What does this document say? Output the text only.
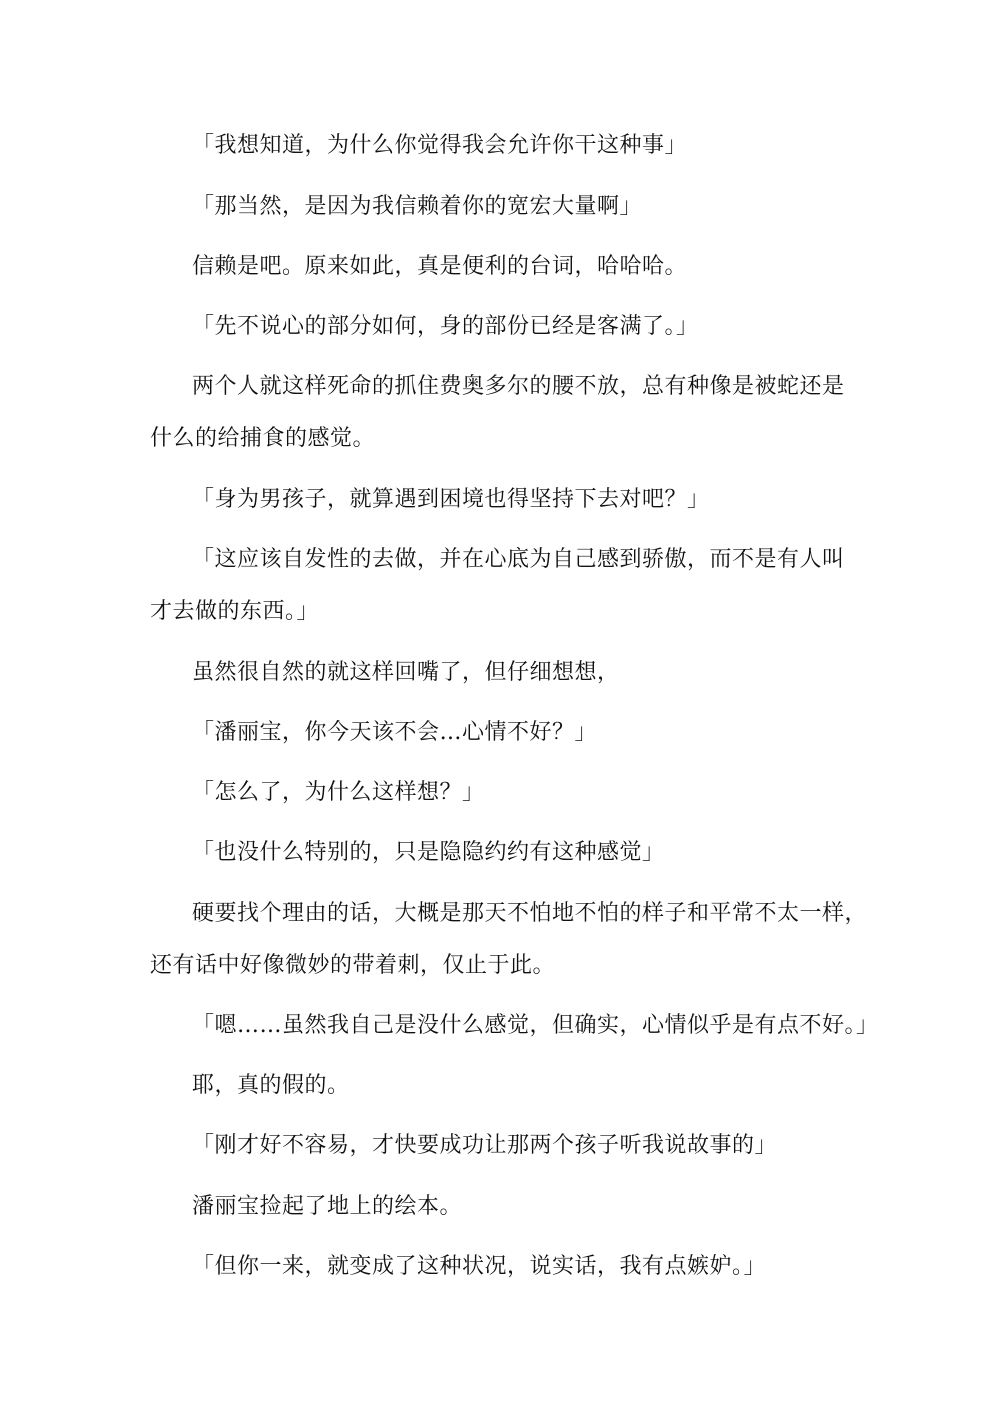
「我想知道，为什么你觉得我会允许你干这种事」
「那当然，是因为我信赖着你的宽宏大量啊」
信赖是吧。原来如此，真是便利的台词，哈哈哈。
「先不说心的部分如何，身的部份已经是客满了。」
两个人就这样死命的抓住费奥多尔的腰不放，总有种像是被蛇还是
什么的给捕食的感觉。
「身为男孩子，就算遇到困境也得坚持下去对吧？」
「这应该自发性的去做，并在心底为自己感到骄傲，而不是有人叫
才去做的东西。」
虽然很自然的就这样回嘴了，但仔细想想，
「潘丽宝，你今天该不会…心情不好？」
「怎么了，为什么这样想？」
「也没什么特别的，只是隐隐约约有这种感觉」
硬要找个理由的话，大概是那天不怕地不怕的样子和平常不太一样，
还有话中好像微妙的带着刺，仅止于此。
「嗯……虽然我自己是没什么感觉，但确实，心情似乎是有点不好。」
耶，真的假的。
「刚才好不容易，才快要成功让那两个孩子听我说故事的」
潘丽宝捡起了地上的绘本。
「但你一来，就变成了这种状况，说实话，我有点嫉妒。」
